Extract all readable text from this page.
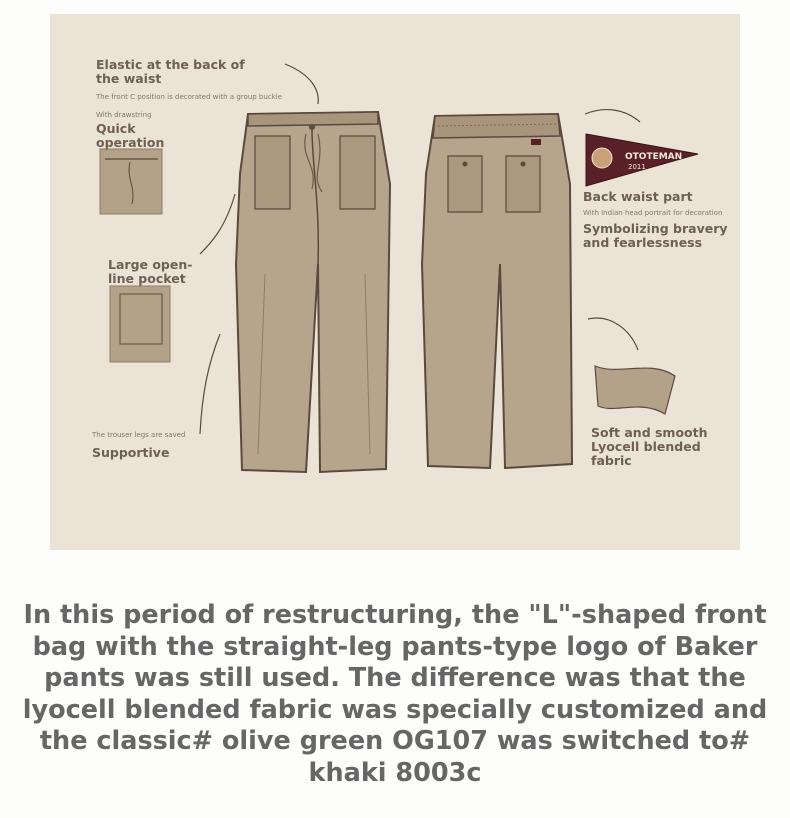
OTOTEMAN
2011
Elastic at the back of the waist
The front C position is decorated with a group buckle
With drawstring
Quick operation
Large open-line pocket
The trouser legs are saved
Supportive
Back waist part
With Indian head portrait for decoration
Symbolizing bravery and fearlessness
Soft and smooth Lyocell blended fabric
In this period of restructuring, the "L"-shaped front bag with the straight-leg pants-type logo of Baker pants was still used. The difference was that the lyocell blended fabric was specially customized and the classic# olive green OG107 was switched to# khaki 8003c
